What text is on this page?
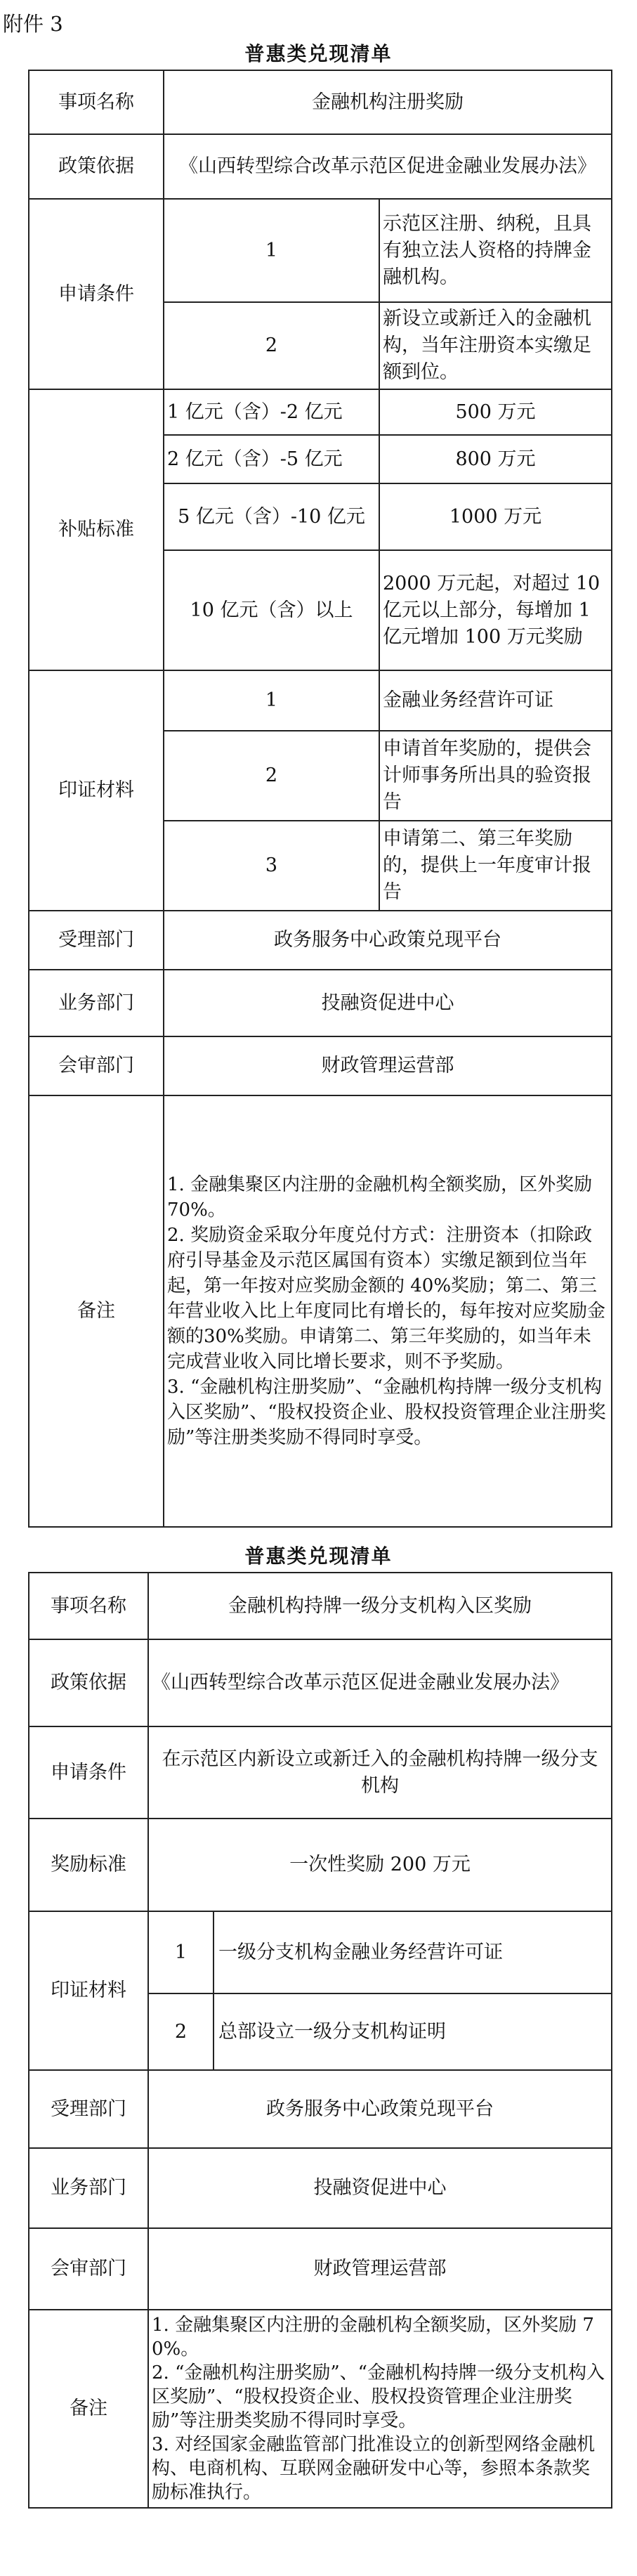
附件 3
普惠类兑现清单
事项名称	金融机构注册奖励	
政策依据	《山西转型综合改革示范区促进金融业发展办法》	
申请条件	1	示范区注册、纳税，且具有独立法人资格的持牌金融机构。
	2	新设立或新迁入的金融机构，当年注册资本实缴足额到位。
补贴标准	1 亿元（含）-2 亿元	500 万元
	2 亿元（含）-5 亿元	800 万元
	5 亿元（含）-10 亿元	1000 万元
	10 亿元（含）以上	2000 万元起，对超过 10 亿元以上部分，每增加 1 亿元增加 100 万元奖励
印证材料	1	金融业务经营许可证
	2	申请首年奖励的，提供会计师事务所出具的验资报告
	3	申请第二、第三年奖励的，提供上一年度审计报告
受理部门	政务服务中心政策兑现平台	
业务部门	投融资促进中心	
会审部门	财政管理运营部	
备注	1. 金融集聚区内注册的金融机构全额奖励，区外奖励 70%。
2. 奖励资金采取分年度兑付方式：注册资本（扣除政府引导基金及示范区属国有资本）实缴足额到位当年起，第一年按对应奖励金额的 40%奖励；第二、第三年营业收入比上年度同比有增长的，每年按对应奖励金额的30%奖励。申请第二、第三年奖励的，如当年未完成营业收入同比增长要求，则不予奖励。
3. “金融机构注册奖励”、“金融机构持牌一级分支机构入区奖励”、“股权投资企业、股权投资管理企业注册奖励”等注册类奖励不得同时享受。	
普惠类兑现清单
事项名称	金融机构持牌一级分支机构入区奖励	
政策依据	《山西转型综合改革示范区促进金融业发展办法》	
申请条件	在示范区内新设立或新迁入的金融机构持牌一级分支机构	
奖励标准	一次性奖励 200 万元	
印证材料	1	一级分支机构金融业务经营许可证
	2	总部设立一级分支机构证明
受理部门	政务服务中心政策兑现平台	
业务部门	投融资促进中心	
会审部门	财政管理运营部	
备注	1. 金融集聚区内注册的金融机构全额奖励，区外奖励 70%。
2. “金融机构注册奖励”、“金融机构持牌一级分支机构入区奖励”、“股权投资企业、股权投资管理企业注册奖励”等注册类奖励不得同时享受。
3. 对经国家金融监管部门批准设立的创新型网络金融机构、电商机构、互联网金融研发中心等，参照本条款奖励标准执行。	
